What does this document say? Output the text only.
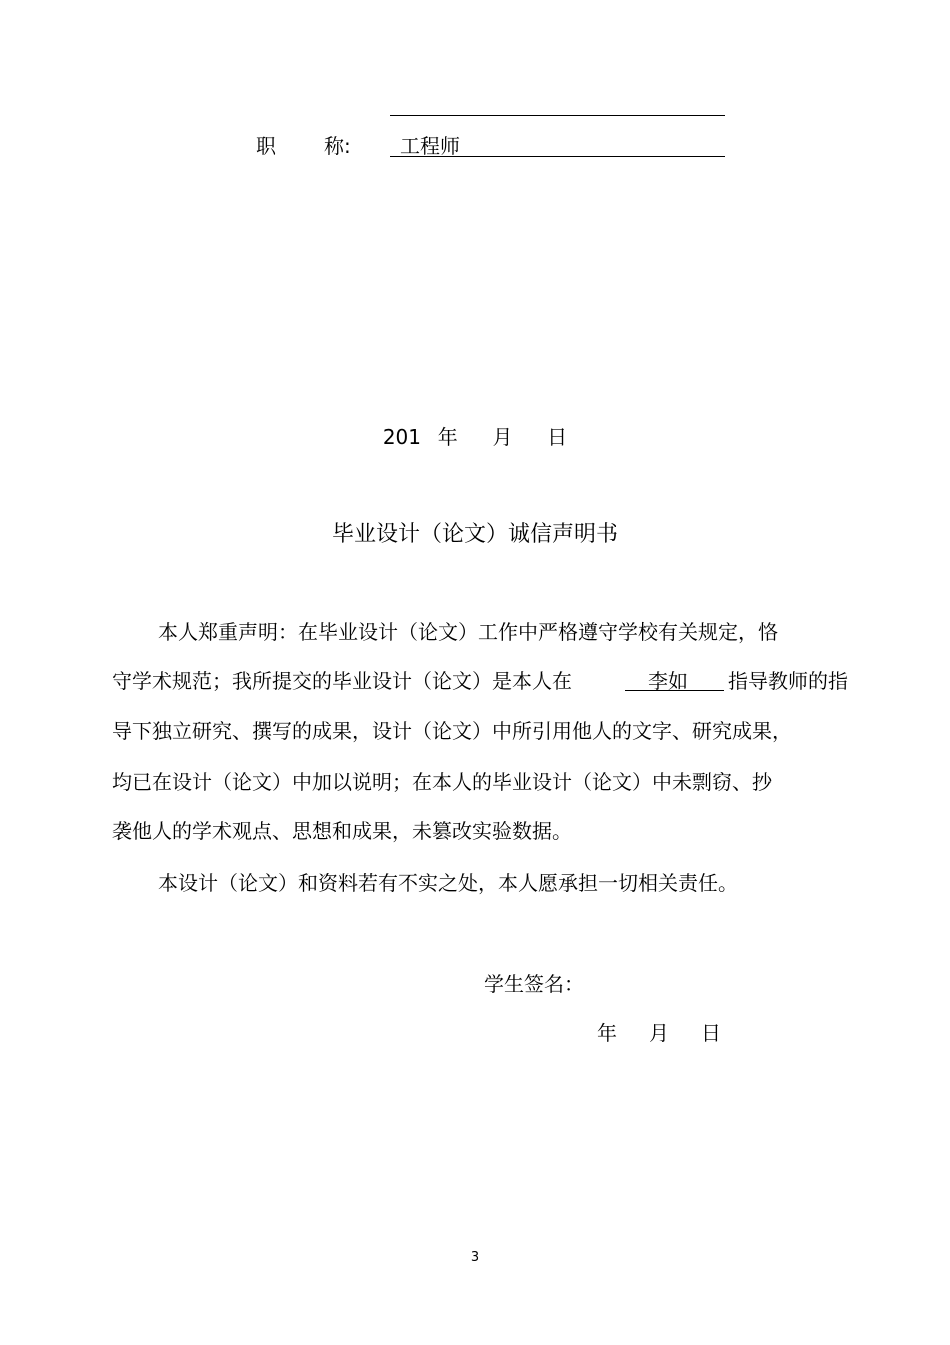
职 称: 工程师
201 年 月 日
毕业设计（论文）诚信声明书
本人郑重声明：在毕业设计（论文）工作中严格遵守学校有关规定，恪
守学术规范；我所提交的毕业设计（论文）是本人在	李如 指导教师的指
导下独立研究、撰写的成果，设计（论文）中所引用他人的文字、研究成果，
均已在设计（论文）中加以说明；在本人的毕业设计（论文）中未剽窃、抄
袭他人的学术观点、思想和成果，未篡改实验数据。
本设计（论文）和资料若有不实之处，本人愿承担一切相关责任。
学生签名：
年 月 日
3
